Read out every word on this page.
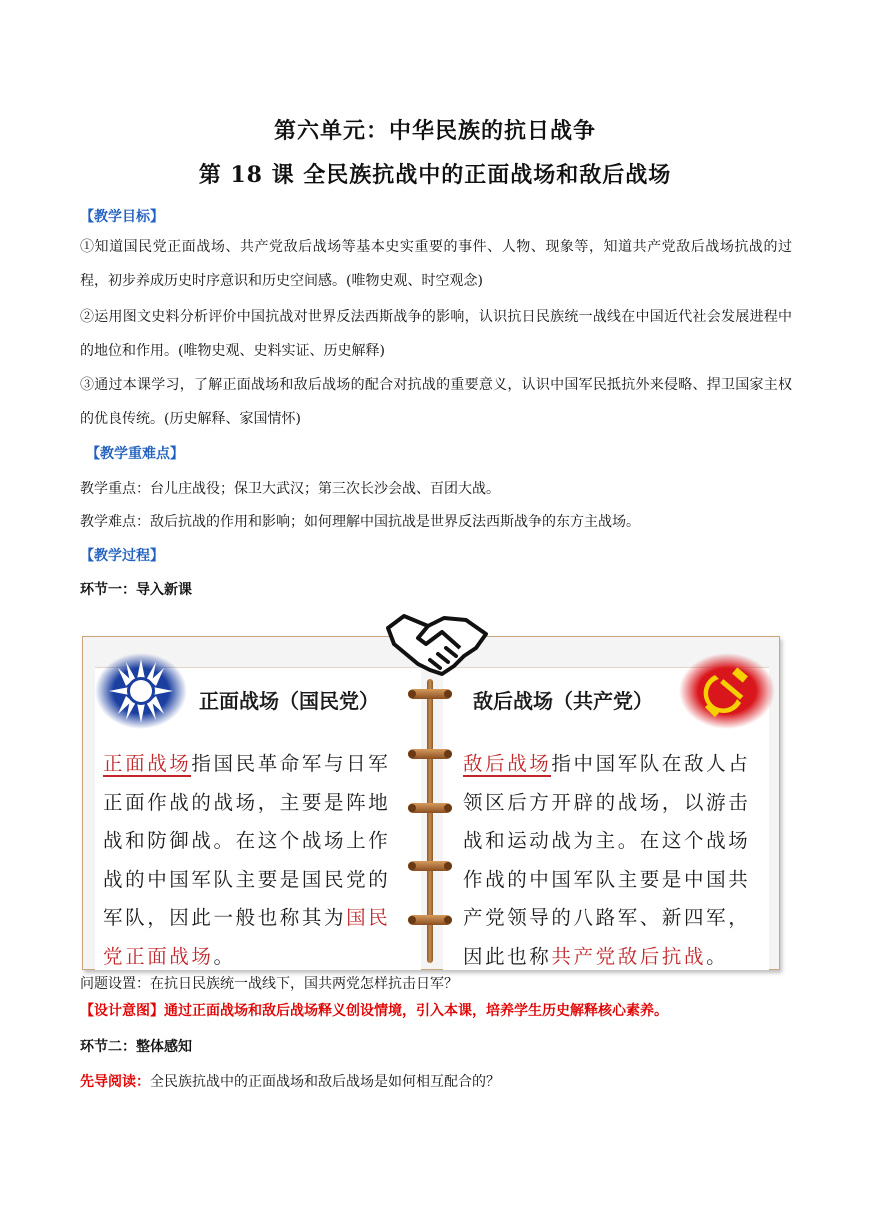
第六单元：中华民族的抗日战争
第 18 课 全民族抗战中的正面战场和敌后战场
【教学目标】
①知道国民党正面战场、共产党敌后战场等基本史实重要的事件、人物、现象等，知道共产党敌后战场抗战的过程，初步养成历史时序意识和历史空间感。(唯物史观、时空观念)
②运用图文史料分析评价中国抗战对世界反法西斯战争的影响，认识抗日民族统一战线在中国近代社会发展进程中的地位和作用。(唯物史观、史料实证、历史解释)
③通过本课学习，了解正面战场和敌后战场的配合对抗战的重要意义，认识中国军民抵抗外来侵略、捍卫国家主权的优良传统。(历史解释、家国情怀)
【教学重难点】
教学重点：台儿庄战役；保卫大武汉；第三次长沙会战、百团大战。
教学难点：敌后抗战的作用和影响；如何理解中国抗战是世界反法西斯战争的东方主战场。
【教学过程】
环节一：导入新课
正面战场（国民党）	敌后战场（共产党）
正面战场指国民革命军与日军正面作战的战场，主要是阵地战和防御战。在这个战场上作战的中国军队主要是国民党的军队，因此一般也称其为国民党正面战场。
敌后战场指中国军队在敌人占领区后方开辟的战场，以游击战和运动战为主。在这个战场作战的中国军队主要是中国共产党领导的八路军、新四军，因此也称共产党敌后抗战。
问题设置：在抗日民族统一战线下，国共两党怎样抗击日军？
【设计意图】通过正面战场和敌后战场释义创设情境，引入本课，培养学生历史解释核心素养。
环节二：整体感知
先导阅读：全民族抗战中的正面战场和敌后战场是如何相互配合的？
